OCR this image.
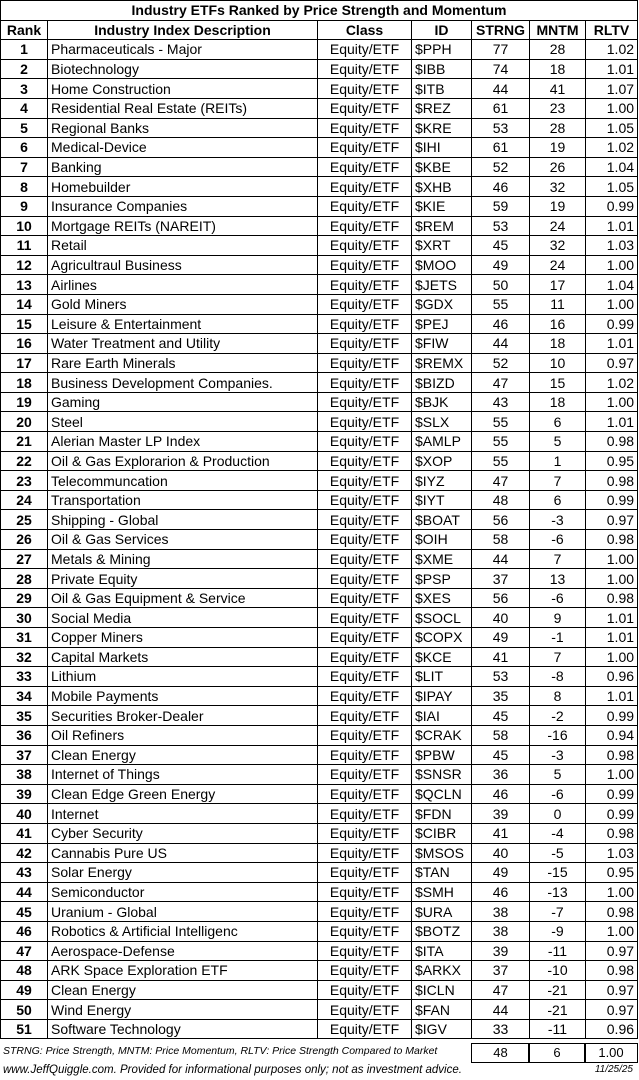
Industry ETFs Ranked by Price Strength and Momentum						
Rank	Industry Index Description	Class	ID	STRNG	MNTM	RLTV
1	Pharmaceuticals - Major	Equity/ETF	$PPH	77	28	1.02
2	Biotechnology	Equity/ETF	$IBB	74	18	1.01
3	Home Construction	Equity/ETF	$ITB	44	41	1.07
4	Residential Real Estate (REITs)	Equity/ETF	$REZ	61	23	1.00
5	Regional Banks	Equity/ETF	$KRE	53	28	1.05
6	Medical-Device	Equity/ETF	$IHI	61	19	1.02
7	Banking	Equity/ETF	$KBE	52	26	1.04
8	Homebuilder	Equity/ETF	$XHB	46	32	1.05
9	Insurance Companies	Equity/ETF	$KIE	59	19	0.99
10	Mortgage REITs (NAREIT)	Equity/ETF	$REM	53	24	1.01
11	Retail	Equity/ETF	$XRT	45	32	1.03
12	Agricultraul Business	Equity/ETF	$MOO	49	24	1.00
13	Airlines	Equity/ETF	$JETS	50	17	1.04
14	Gold Miners	Equity/ETF	$GDX	55	11	1.00
15	Leisure & Entertainment	Equity/ETF	$PEJ	46	16	0.99
16	Water Treatment and Utility	Equity/ETF	$FIW	44	18	1.01
17	Rare Earth Minerals	Equity/ETF	$REMX	52	10	0.97
18	Business Development Companies.	Equity/ETF	$BIZD	47	15	1.02
19	Gaming	Equity/ETF	$BJK	43	18	1.00
20	Steel	Equity/ETF	$SLX	55	6	1.01
21	Alerian Master LP Index	Equity/ETF	$AMLP	55	5	0.98
22	Oil & Gas Explorarion & Production	Equity/ETF	$XOP	55	1	0.95
23	Telecommuncation	Equity/ETF	$IYZ	47	7	0.98
24	Transportation	Equity/ETF	$IYT	48	6	0.99
25	Shipping - Global	Equity/ETF	$BOAT	56	-3	0.97
26	Oil & Gas Services	Equity/ETF	$OIH	58	-6	0.98
27	Metals & Mining	Equity/ETF	$XME	44	7	1.00
28	Private Equity	Equity/ETF	$PSP	37	13	1.00
29	Oil & Gas Equipment & Service	Equity/ETF	$XES	56	-6	0.98
30	Social Media	Equity/ETF	$SOCL	40	9	1.01
31	Copper Miners	Equity/ETF	$COPX	49	-1	1.01
32	Capital Markets	Equity/ETF	$KCE	41	7	1.00
33	Lithium	Equity/ETF	$LIT	53	-8	0.96
34	Mobile Payments	Equity/ETF	$IPAY	35	8	1.01
35	Securities Broker-Dealer	Equity/ETF	$IAI	45	-2	0.99
36	Oil Refiners	Equity/ETF	$CRAK	58	-16	0.94
37	Clean Energy	Equity/ETF	$PBW	45	-3	0.98
38	Internet of Things	Equity/ETF	$SNSR	36	5	1.00
39	Clean Edge Green Energy	Equity/ETF	$QCLN	46	-6	0.99
40	Internet	Equity/ETF	$FDN	39	0	0.99
41	Cyber Security	Equity/ETF	$CIBR	41	-4	0.98
42	Cannabis Pure US	Equity/ETF	$MSOS	40	-5	1.03
43	Solar Energy	Equity/ETF	$TAN	49	-15	0.95
44	Semiconductor	Equity/ETF	$SMH	46	-13	1.00
45	Uranium - Global	Equity/ETF	$URA	38	-7	0.98
46	Robotics & Artificial Intelligenc	Equity/ETF	$BOTZ	38	-9	1.00
47	Aerospace-Defense	Equity/ETF	$ITA	39	-11	0.97
48	ARK Space Exploration ETF	Equity/ETF	$ARKX	37	-10	0.98
49	Clean Energy	Equity/ETF	$ICLN	47	-21	0.97
50	Wind Energy	Equity/ETF	$FAN	44	-21	0.97
51	Software Technology	Equity/ETF	$IGV	33	-11	0.96
STRNG: Price Strength, MNTM: Price Momentum, RLTV: Price Strength Compared to Market	48	6	1.00
www.JeffQuiggle.com. Provided for informational purposes only; not as investment advice.	11/25/25
